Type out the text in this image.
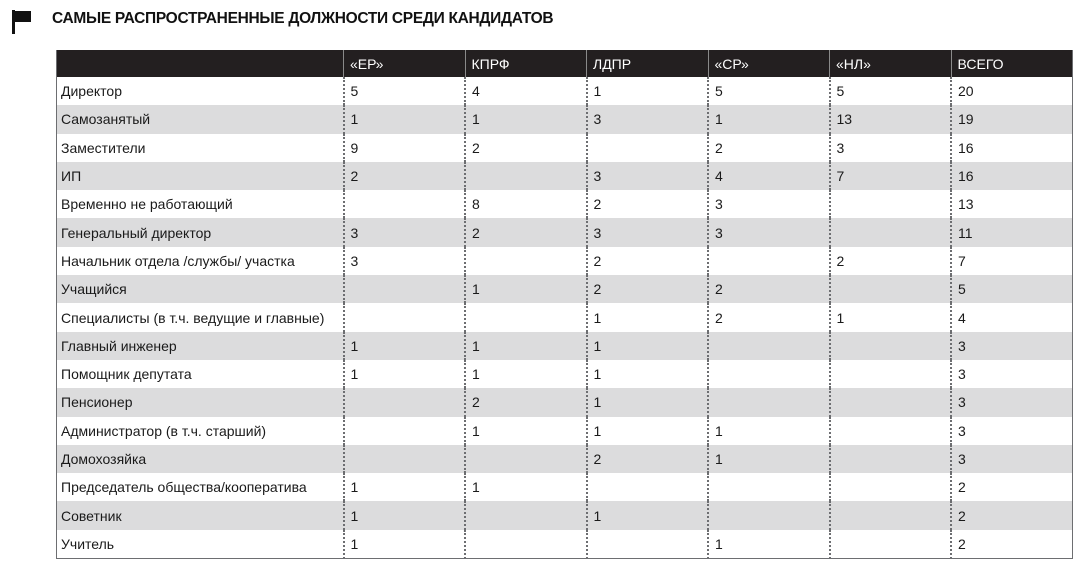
САМЫЕ РАСПРОСТРАНЕННЫЕ ДОЛЖНОСТИ СРЕДИ КАНДИДАТОВ
	«ЕР»	КПРФ	ЛДПР	«СР»	«НЛ»	ВСЕГО
Директор	5	4	1	5	5	20
Самозанятый	1	1	3	1	13	19
Заместители	9	2		2	3	16
ИП	2		3	4	7	16
Временно не работающий		8	2	3		13
Генеральный директор	3	2	3	3		11
Начальник отдела /службы/ участка	3		2		2	7
Учащийся		1	2	2		5
Специалисты (в т.ч. ведущие и главные)			1	2	1	4
Главный инженер	1	1	1			3
Помощник депутата	1	1	1			3
Пенсионер		2	1			3
Администратор (в т.ч. старший)		1	1	1		3
Домохозяйка			2	1		3
Председатель общества/кооператива	1	1				2
Советник	1		1			2
Учитель	1			1		2
